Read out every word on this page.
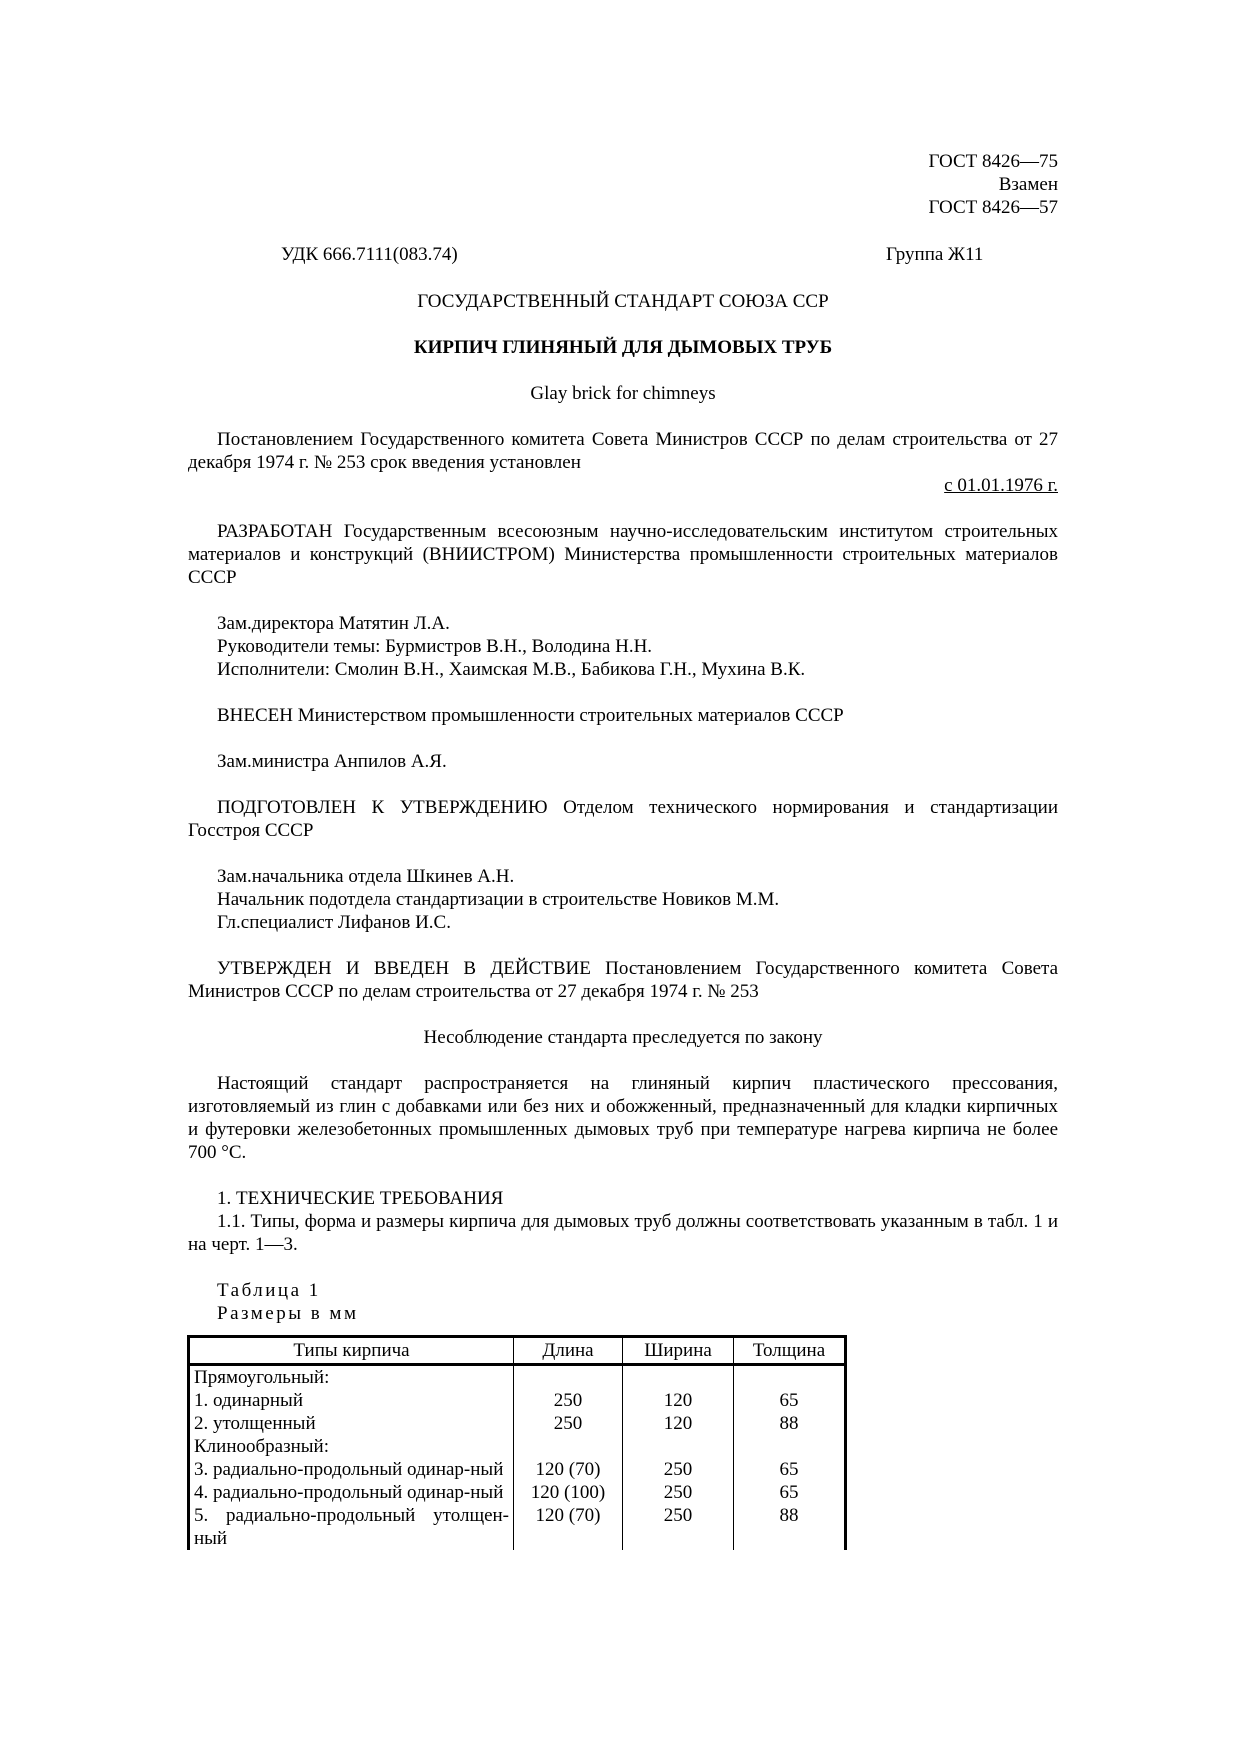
ГОСТ 8426—75
Взамен
ГОСТ 8426—57
УДК 666.7111(083.74)	Группа Ж11
ГОСУДАРСТВЕННЫЙ СТАНДАРТ СОЮЗА ССР
КИРПИЧ ГЛИНЯНЫЙ ДЛЯ ДЫМОВЫХ ТРУБ
Glay brick for chimneys
Постановлением Государственного комитета Совета Министров СССР по делам строительства от 27 декабря 1974 г. № 253 срок введения установлен
с 01.01.1976 г.
РАЗРАБОТАН Государственным всесоюзным научно-исследовательским институтом строительных материалов и конструкций (ВНИИСТРОМ) Министерства промышленности строительных материалов СССР
Зам.директора Матятин Л.А.
Руководители темы: Бурмистров В.Н., Володина Н.Н.
Исполнители: Смолин В.Н., Хаимская М.В., Бабикова Г.Н., Мухина В.К.
ВНЕСЕН Министерством промышленности строительных материалов СССР
Зам.министра Анпилов А.Я.
ПОДГОТОВЛЕН К УТВЕРЖДЕНИЮ Отделом технического нормирования и стандартизации Госстроя СССР
Зам.начальника отдела Шкинев А.Н.
Начальник подотдела стандартизации в строительстве Новиков М.М.
Гл.специалист Лифанов И.С.
УТВЕРЖДЕН И ВВЕДЕН В ДЕЙСТВИЕ Постановлением Государственного комитета Совета Министров СССР по делам строительства от 27 декабря 1974 г. № 253
Несоблюдение стандарта преследуется по закону
Настоящий стандарт распространяется на глиняный кирпич пластического прессования, изготовляемый из глин с добавками или без них и обожженный, предназначенный для кладки кирпичных и футеровки железобетонных промышленных дымовых труб при температуре нагрева кирпича не более 700 °С.
1. ТЕХНИЧЕСКИЕ ТРЕБОВАНИЯ
1.1. Типы, форма и размеры кирпича для дымовых труб должны соответствовать указанным в табл. 1 и на черт. 1—3.
Таблица 1
Размеры в мм
Типы кирпича	Длина	Ширина	Толщина
Прямоугольный:			
1. одинарный	250	120	65
2. утолщенный	250	120	88
Клинообразный:			
3. радиально-продольный одинар-ный	120 (70)	250	65
4. радиально-продольный одинар-ный	120 (100)	250	65
5. радиально-продольный утолщен-ный	120 (70)	250	88
